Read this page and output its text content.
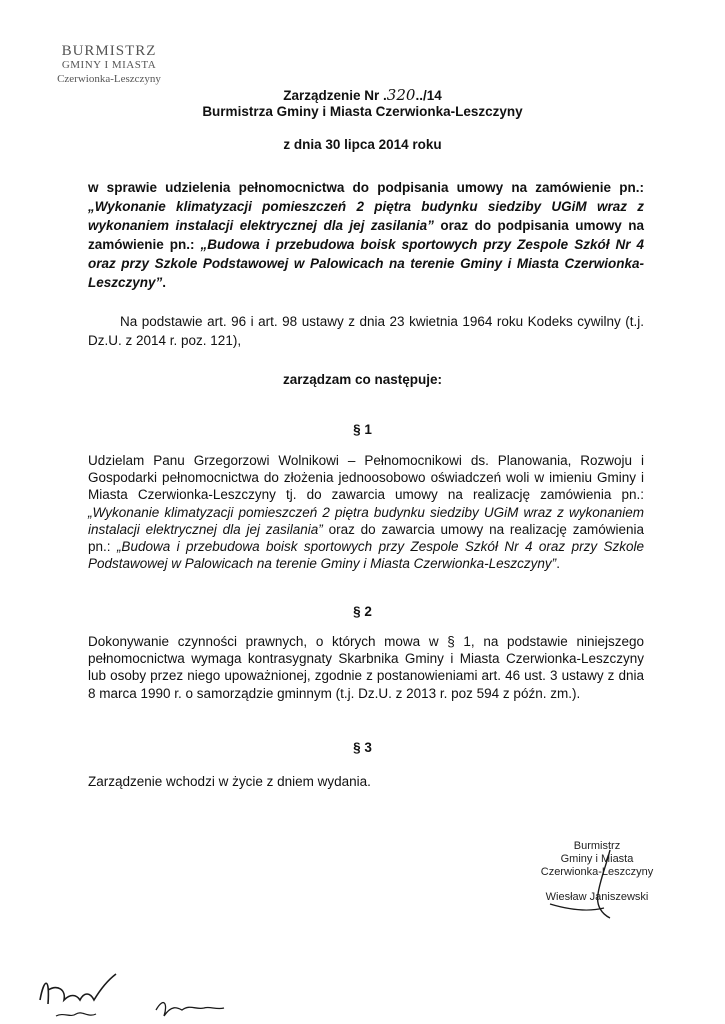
BURMISTRZ
GMINY I MIASTA
Czerwionka-Leszczyny
Zarządzenie Nr .320../14
Burmistrza Gminy i Miasta Czerwionka-Leszczyny
z dnia 30 lipca 2014 roku
w sprawie udzielenia pełnomocnictwa do podpisania umowy na zamówienie pn.: „Wykonanie klimatyzacji pomieszczeń 2 piętra budynku siedziby UGiM wraz z wykonaniem instalacji elektrycznej dla jej zasilania” oraz do podpisania umowy na zamówienie pn.: „Budowa i przebudowa boisk sportowych przy Zespole Szkół Nr 4 oraz przy Szkole Podstawowej w Palowicach na terenie Gminy i Miasta Czerwionka-Leszczyny”.
Na podstawie art. 96 i art. 98 ustawy z dnia 23 kwietnia 1964 roku Kodeks cywilny (t.j. Dz.U. z 2014 r. poz. 121),
zarządzam co następuje:
§ 1
Udzielam Panu Grzegorzowi Wolnikowi – Pełnomocnikowi ds. Planowania, Rozwoju i Gospodarki pełnomocnictwa do złożenia jednoosobowo oświadczeń woli w imieniu Gminy i Miasta Czerwionka-Leszczyny tj. do zawarcia umowy na realizację zamówienia pn.: „Wykonanie klimatyzacji pomieszczeń 2 piętra budynku siedziby UGiM wraz z wykonaniem instalacji elektrycznej dla jej zasilania” oraz do zawarcia umowy na realizację zamówienia pn.: „Budowa i przebudowa boisk sportowych przy Zespole Szkół Nr 4 oraz przy Szkole Podstawowej w Palowicach na terenie Gminy i Miasta Czerwionka-Leszczyny”.
§ 2
Dokonywanie czynności prawnych, o których mowa w § 1, na podstawie niniejszego pełnomocnictwa wymaga kontrasygnaty Skarbnika Gminy i Miasta Czerwionka-Leszczyny lub osoby przez niego upoważnionej, zgodnie z postanowieniami art. 46 ust. 3 ustawy z dnia 8 marca 1990 r. o samorządzie gminnym (t.j. Dz.U. z 2013 r. poz 594 z późn. zm.).
§ 3
Zarządzenie wchodzi w życie z dniem wydania.
Burmistrz
Gminy i Miasta
Czerwionka-Leszczyny
Wiesław Janiszewski
